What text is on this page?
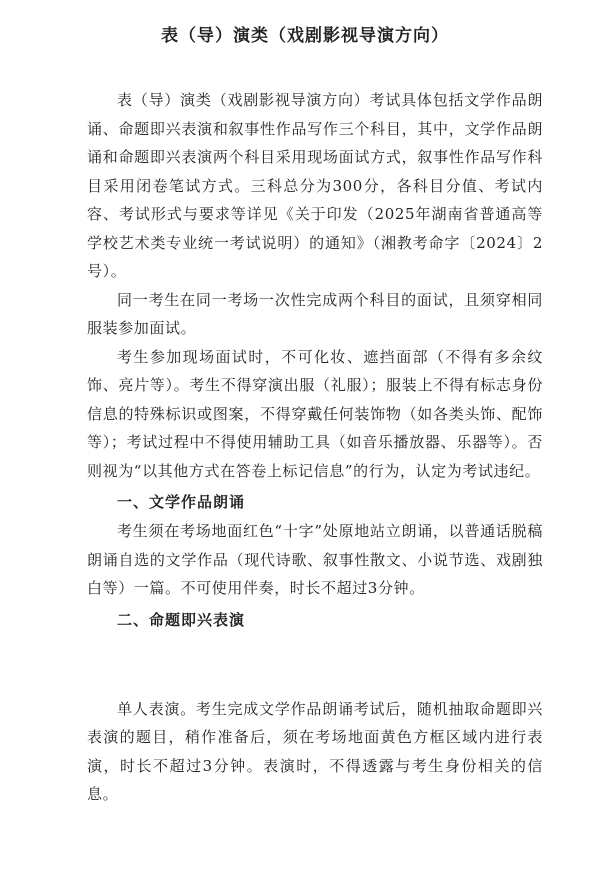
表（导）演类（戏剧影视导演方向）

表（导）演类（戏剧影视导演方向）考试具体包括文学作品朗诵、命题即兴表演和叙事性作品写作三个科目，其中，文学作品朗诵和命题即兴表演两个科目采用现场面试方式，叙事性作品写作科目采用闭卷笔试方式。三科总分为300分，各科目分值、考试内容、考试形式与要求等详见《关于印发（2025年湖南省普通高等学校艺术类专业统一考试说明）的通知》（湘教考命字〔2024〕2号）。

同一考生在同一考场一次性完成两个科目的面试，且须穿相同服装参加面试。

考生参加现场面试时，不可化妆、遮挡面部（不得有多余纹饰、亮片等）。考生不得穿演出服（礼服）；服装上不得有标志身份信息的特殊标识或图案，不得穿戴任何装饰物（如各类头饰、配饰等）；考试过程中不得使用辅助工具（如音乐播放器、乐器等）。否则视为“以其他方式在答卷上标记信息”的行为，认定为考试违纪。

一、文学作品朗诵

考生须在考场地面红色“十字”处原地站立朗诵，以普通话脱稿朗诵自选的文学作品（现代诗歌、叙事性散文、小说节选、戏剧独白等）一篇。不可使用伴奏，时长不超过3分钟。

二、命题即兴表演

单人表演。考生完成文学作品朗诵考试后，随机抽取命题即兴表演的题目，稍作准备后，须在考场地面黄色方框区域内进行表演，时长不超过3分钟。表演时，不得透露与考生身份相关的信息。
